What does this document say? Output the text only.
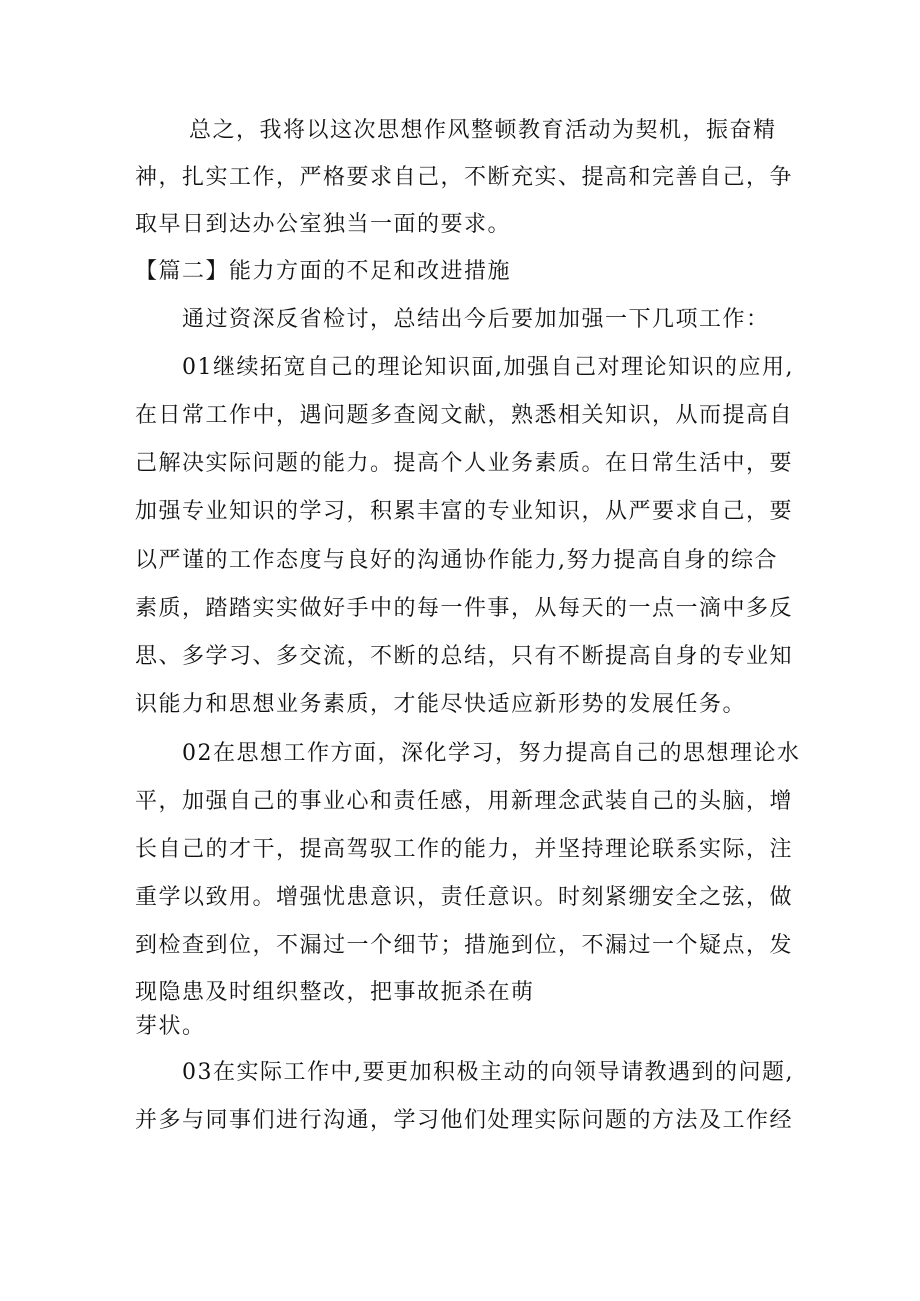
总之，我将以这次思想作风整顿教育活动为契机，振奋精
神，扎实工作，严格要求自己，不断充实、提高和完善自己，争
取早日到达办公室独当一面的要求。
【篇二】能力方面的不足和改进措施
通过资深反省检讨，总结出今后要加加强一下几项工作：
01继续拓宽自己的理论知识面,加强自己对理论知识的应用,
在日常工作中，遇问题多查阅文献，熟悉相关知识，从而提高自
己解决实际问题的能力。提高个人业务素质。在日常生活中，要
加强专业知识的学习，积累丰富的专业知识，从严要求自己，要
以严谨的工作态度与良好的沟通协作能力,努力提高自身的综合
素质，踏踏实实做好手中的每一件事，从每天的一点一滴中多反
思、多学习、多交流，不断的总结，只有不断提高自身的专业知
识能力和思想业务素质，才能尽快适应新形势的发展任务。
02在思想工作方面，深化学习，努力提高自己的思想理论水
平，加强自己的事业心和责任感，用新理念武装自己的头脑，增
长自己的才干，提高驾驭工作的能力，并坚持理论联系实际，注
重学以致用。增强忧患意识，责任意识。时刻紧绷安全之弦，做
到检查到位，不漏过一个细节；措施到位，不漏过一个疑点，发
现隐患及时组织整改，把事故扼杀在萌
芽状。
03在实际工作中,要更加积极主动的向领导请教遇到的问题,
并多与同事们进行沟通，学习他们处理实际问题的方法及工作经
